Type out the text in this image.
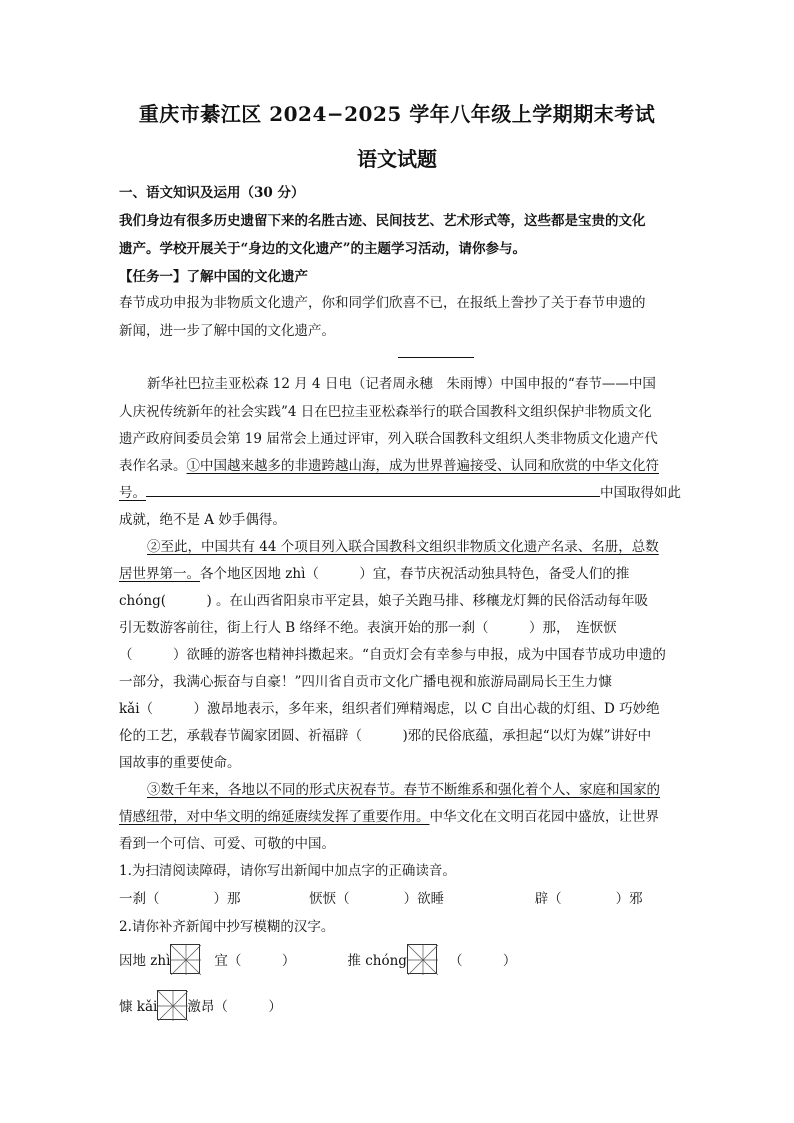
重庆市綦江区 2024−2025 学年八年级上学期期末考试
语文试题
一、语文知识及运用（30 分）
我们身边有很多历史遗留下来的名胜古迹、民间技艺、艺术形式等，这些都是宝贵的文化
遗产。学校开展关于“身边的文化遗产”的主题学习活动，请你参与。
【任务一】了解中国的文化遗产
春节成功申报为非物质文化遗产，你和同学们欣喜不已，在报纸上誊抄了关于春节申遗的
新闻，进一步了解中国的文化遗产。
新华社巴拉圭亚松森 12 月 4 日电（记者周永穗　朱雨博）中国申报的“春节——中国
人庆祝传统新年的社会实践”4 日在巴拉圭亚松森举行的联合国教科文组织保护非物质文化
遗产政府间委员会第 19 届常会上通过评审，列入联合国教科文组织人类非物质文化遗产代
表作名录。①中国越来越多的非遗跨越山海，成为世界普遍接受、认同和欣赏的中华文化符
号。	中国取得如此
成就，绝不是 A 妙手偶得。
②至此，中国共有 44 个项目列入联合国教科文组织非物质文化遗产名录、名册，总数
居世界第一。各个地区因地 zhì（　　　）宜，春节庆祝活动独具特色，备受人们的推
chóng(　　　) 。在山西省阳泉市平定县，娘子关跑马排、移穰龙灯舞的民俗活动每年吸
引无数游客前往，街上行人 B 络绎不绝。表演开始的那一刹（　　　）那，　连恹恹
（　　　）欲睡的游客也精神抖擞起来。“自贡灯会有幸参与申报，成为中国春节成功申遗的
一部分，我满心振奋与自豪！”四川省自贡市文化广播电视和旅游局副局长王生力慷
kǎi（　　　）激昂地表示，多年来，组织者们殚精竭虑，以 C 自出心裁的灯组、D 巧妙绝
伦的工艺，承载春节阖家团圆、祈福辟（　　　)邪的民俗底蕴，承担起“以灯为媒”讲好中
国故事的重要使命。
③数千年来，各地以不同的形式庆祝春节。春节不断维系和强化着个人、家庭和国家的
情感纽带，对中华文明的绵延赓续发挥了重要作用。中华文化在文明百花园中盛放，让世界
看到一个可信、可爱、可敬的中国。
1.为扫清阅读障碍，请你写出新闻中加点字的正确读音。
一刹（　　　　）那	恹恹（　　　　）欲睡	辟（　　　　）邪
2.请你补齐新闻中抄写模糊的汉字。
因地 zhì	宜（　　　）	推 chóng	（　　　）
慷 kǎi 激昂（　　　）
